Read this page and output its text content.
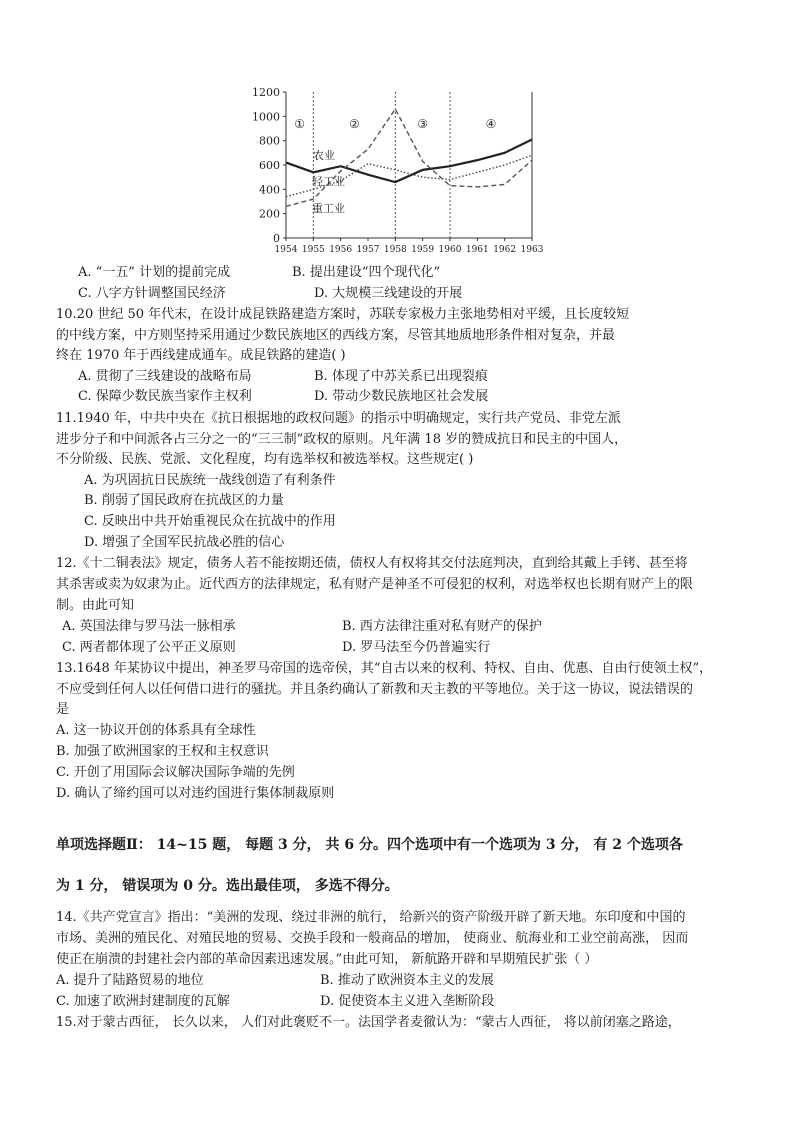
0
200
400
600
800
1000
1200
1954 1955 1956 1957 1958 1959 1960 1961 1962 1963
①	②	③	④
农业
轻工业
重工业
A. “一五” 计划的提前完成	B. 提出建设“四个现代化”
C. 八字方针调整国民经济	D. 大规模三线建设的开展
10.20 世纪 50 年代末，在设计成昆铁路建造方案时，苏联专家极力主张地势相对平缓，且长度较短
的中线方案，中方则坚持采用通过少数民族地区的西线方案，尽管其地质地形条件相对复杂，并最
终在 1970 年于西线建成通车。成昆铁路的建造( )
A. 贯彻了三线建设的战略布局	B. 体现了中苏关系已出现裂痕
C. 保障少数民族当家作主权利	D. 带动少数民族地区社会发展
11.1940 年，中共中央在《抗日根据地的政权问题》的指示中明确规定，实行共产党员、非党左派
进步分子和中间派各占三分之一的“三三制”政权的原则。凡年满 18 岁的赞成抗日和民主的中国人，
不分阶级、民族、党派、文化程度，均有选举权和被选举权。这些规定( )
A. 为巩固抗日民族统一战线创造了有利条件
B. 削弱了国民政府在抗战区的力量
C. 反映出中共开始重视民众在抗战中的作用
D. 增强了全国军民抗战必胜的信心
12.《十二铜表法》规定，债务人若不能按期还债，债权人有权将其交付法庭判决，直到给其戴上手铐、甚至将
其杀害或卖为奴隶为止。近代西方的法律规定，私有财产是神圣不可侵犯的权利，对选举权也长期有财产上的限
制。由此可知
A. 英国法律与罗马法一脉相承	B. 西方法律注重对私有财产的保护
C. 两者都体现了公平正义原则	D. 罗马法至今仍普遍实行
13.1648 年某协议中提出，神圣罗马帝国的选帝侯，其“自古以来的权利、特权、自由、优惠、自由行使领土权”，
不应受到任何人以任何借口进行的骚扰。并且条约确认了新教和天主教的平等地位。关于这一协议，说法错误的
是
A. 这一协议开创的体系具有全球性
B. 加强了欧洲国家的王权和主权意识
C. 开创了用国际会议解决国际争端的先例
D. 确认了缔约国可以对违约国进行集体制裁原则
单项选择题Ⅱ： 14~15 题， 每题 3 分， 共 6 分。四个选项中有一个选项为 3 分， 有 2 个选项各
为 1 分， 错误项为 0 分。选出最佳项， 多选不得分。
14.《共产党宣言》指出：“美洲的发现、绕过非洲的航行， 给新兴的资产阶级开辟了新天地。东印度和中国的
市场、美洲的殖民化、对殖民地的贸易、交换手段和一般商品的增加， 使商业、航海业和工业空前高涨， 因而
使正在崩溃的封建社会内部的革命因素迅速发展。”由此可知， 新航路开辟和早期殖民扩张（ ）
A. 提升了陆路贸易的地位	B. 推动了欧洲资本主义的发展
C. 加速了欧洲封建制度的瓦解	D. 促使资本主义进入垄断阶段
15.对于蒙古西征， 长久以来， 人们对此褒贬不一。法国学者麦徹认为：“蒙古人西征， 将以前闭塞之路途，
